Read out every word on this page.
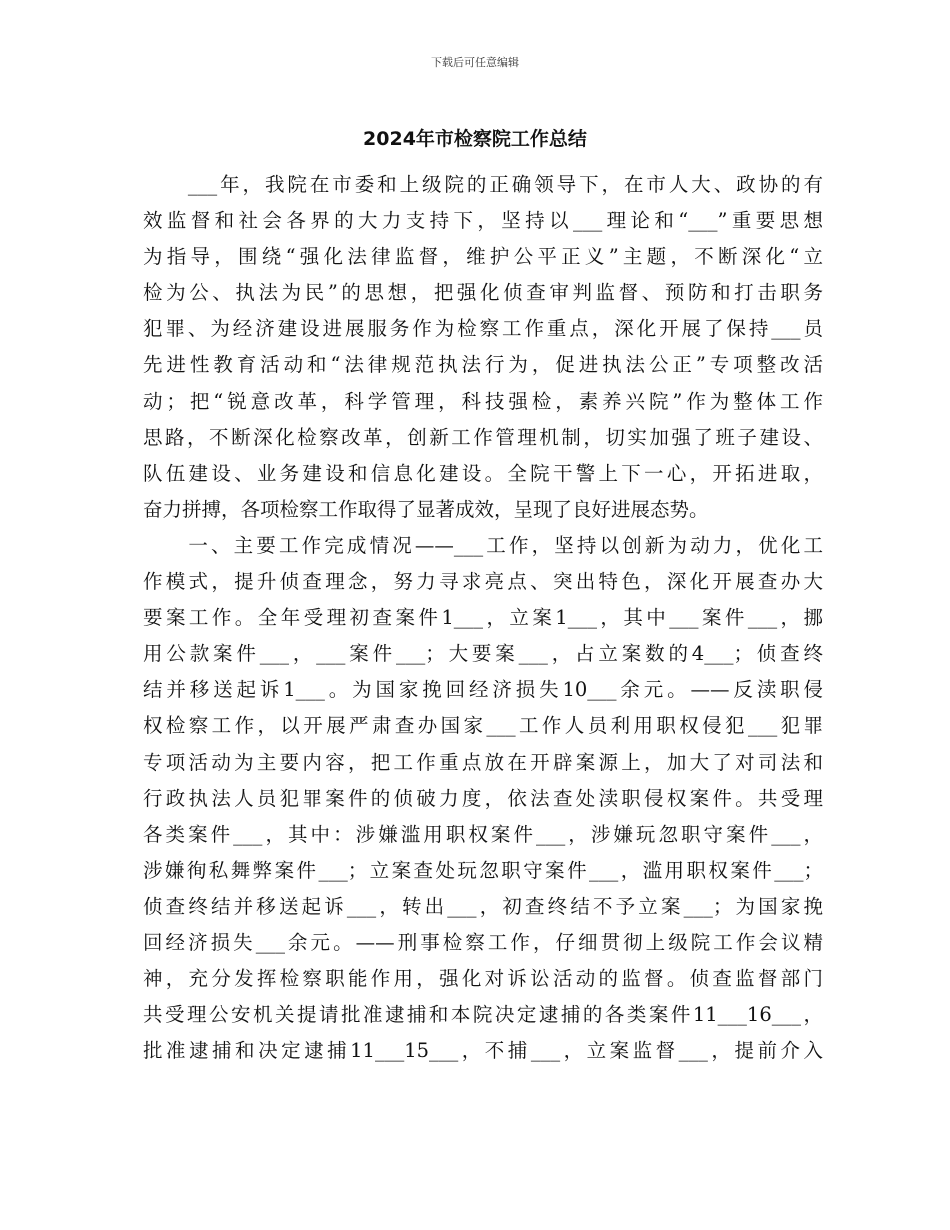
下载后可任意编辑
2024年市检察院工作总结
　　___年，我院在市委和上级院的正确领导下，在市人大、政协的有
效监督和社会各界的大力支持下，坚持以___理论和“___”重要思想
为指导，围绕“强化法律监督，维护公平正义”主题，不断深化“立
检为公、执法为民”的思想，把强化侦查审判监督、预防和打击职务
犯罪、为经济建设进展服务作为检察工作重点，深化开展了保持___员
先进性教育活动和“法律规范执法行为，促进执法公正”专项整改活
动；把“锐意改革，科学管理，科技强检，素养兴院”作为整体工作
思路，不断深化检察改革，创新工作管理机制，切实加强了班子建设、
队伍建设、业务建设和信息化建设。全院干警上下一心，开拓进取，
奋力拼搏，各项检察工作取得了显著成效，呈现了良好进展态势。
　　一、主要工作完成情况——___工作，坚持以创新为动力，优化工
作模式，提升侦查理念，努力寻求亮点、突出特色，深化开展查办大
要案工作。全年受理初查案件1___，立案1___，其中___案件___，挪
用公款案件___，___案件___；大要案___，占立案数的4___；侦查终
结并移送起诉1___。为国家挽回经济损失10___余元。——反渎职侵
权检察工作，以开展严肃查办国家___工作人员利用职权侵犯___犯罪
专项活动为主要内容，把工作重点放在开辟案源上，加大了对司法和
行政执法人员犯罪案件的侦破力度，依法查处渎职侵权案件。共受理
各类案件___，其中：涉嫌滥用职权案件___，涉嫌玩忽职守案件___，
涉嫌徇私舞弊案件___；立案查处玩忽职守案件___，滥用职权案件___；
侦查终结并移送起诉___，转出___，初查终结不予立案___；为国家挽
回经济损失___余元。——刑事检察工作，仔细贯彻上级院工作会议精
神，充分发挥检察职能作用，强化对诉讼活动的监督。侦查监督部门
共受理公安机关提请批准逮捕和本院决定逮捕的各类案件11___16___，
批准逮捕和决定逮捕11___15___，不捕___，立案监督___，提前介入
